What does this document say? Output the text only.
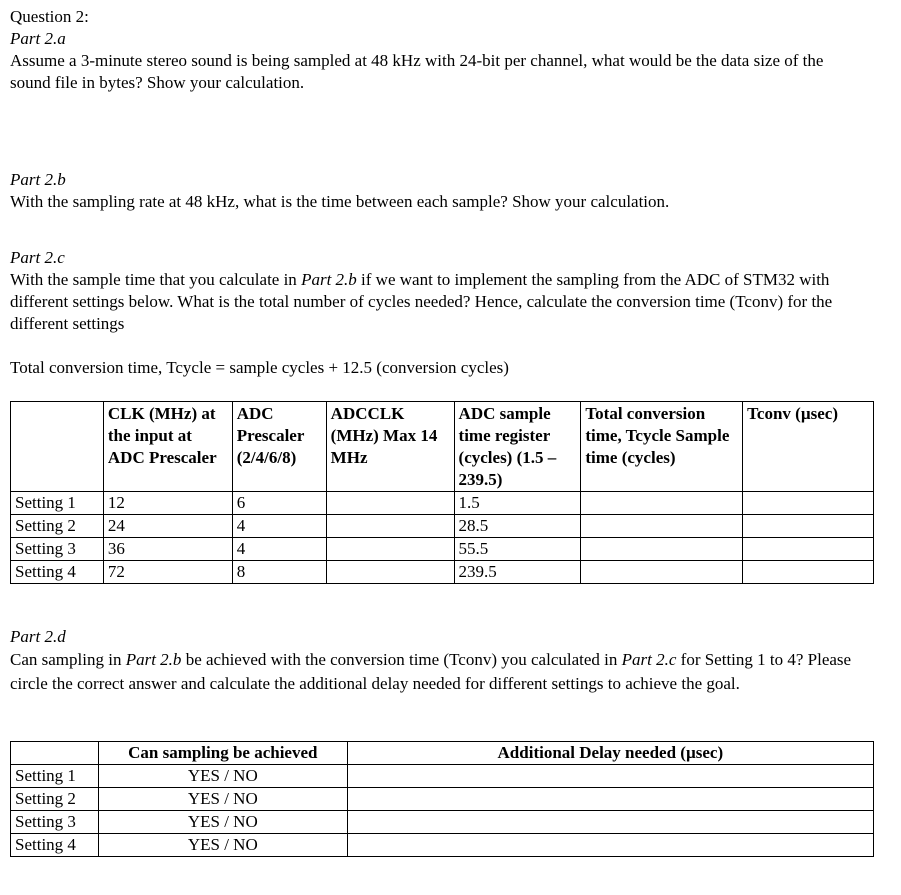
Question 2:

Part 2.a

Assume a 3-minute stereo sound is being sampled at 48 kHz with 24-bit per channel, what would be the data size of the sound file in bytes? Show your calculation.

Part 2.b

With the sampling rate at 48 kHz, what is the time between each sample? Show your calculation.

Part 2.c

With the sample time that you calculate in Part 2.b if we want to implement the sampling from the ADC of STM32 with different settings below. What is the total number of cycles needed? Hence, calculate the conversion time (Tconv) for the different settings

Total conversion time, Tcycle = sample cycles + 12.5 (conversion cycles)
	CLK (MHz) at the input at ADC Prescaler	ADC Prescaler (2/4/6/8)	ADCCLK (MHz) Max 14 MHz	ADC sample time register (cycles) (1.5 – 239.5)	Total conversion time, Tcycle Sample time (cycles)	Tconv (µsec)
Setting 1	12	6		1.5		
Setting 2	24	4		28.5		
Setting 3	36	4		55.5		
Setting 4	72	8		239.5		

Part 2.d

Can sampling in Part 2.b be achieved with the conversion time (Tconv) you calculated in Part 2.c for Setting 1 to 4? Please circle the correct answer and calculate the additional delay needed for different settings to achieve the goal.

	Can sampling be achieved	Additional Delay needed (µsec)
Setting 1	YES / NO	
Setting 2	YES / NO	
Setting 3	YES / NO	
Setting 4	YES / NO	
